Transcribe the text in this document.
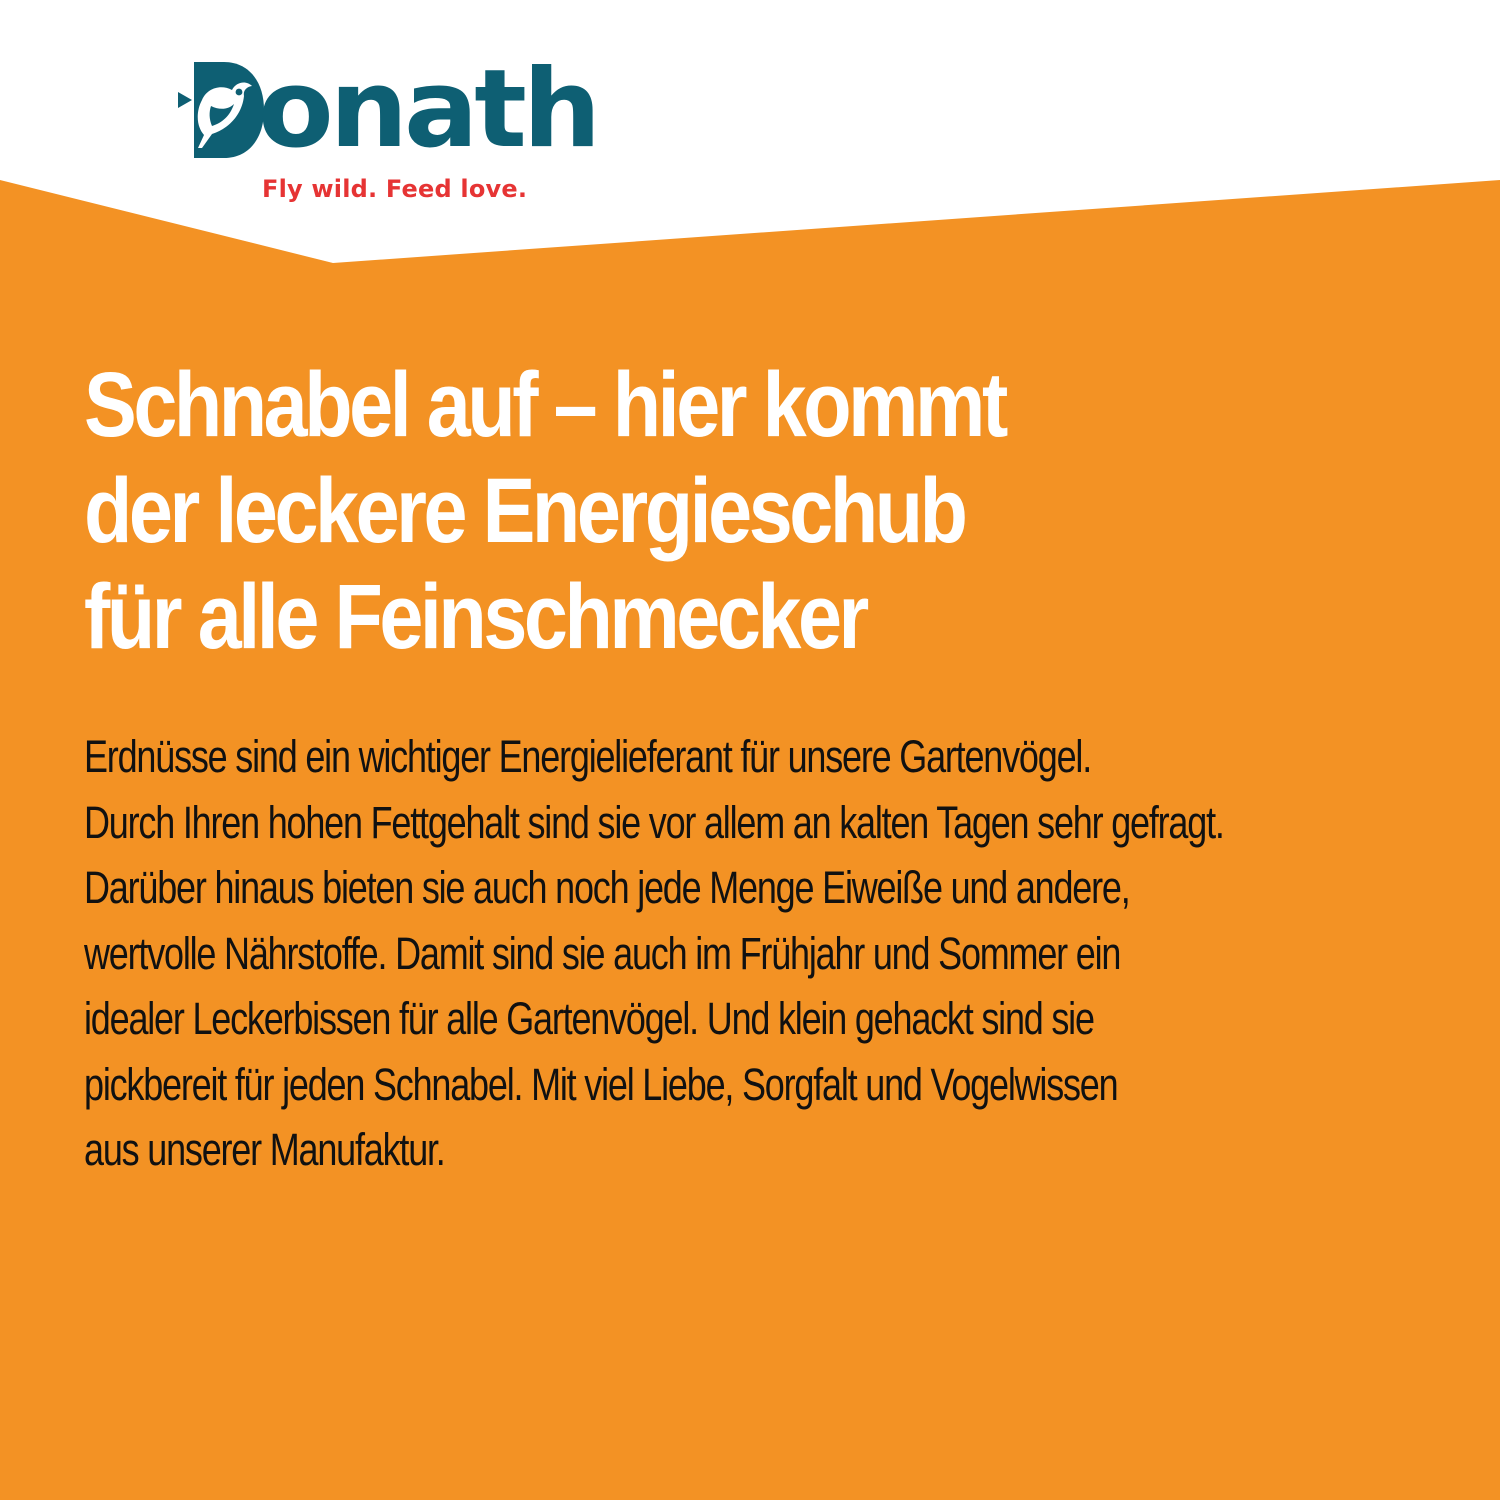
onath
Fly wild. Feed love.
Schnabel auf – hier kommt
der leckere Energieschub
für alle Feinschmecker

Erdnüsse sind ein wichtiger Energielieferant für unsere Gartenvögel.
Durch Ihren hohen Fettgehalt sind sie vor allem an kalten Tagen sehr gefragt.
Darüber hinaus bieten sie auch noch jede Menge Eiweiße und andere,
wertvolle Nährstoffe. Damit sind sie auch im Frühjahr und Sommer ein
idealer Leckerbissen für alle Gartenvögel. Und klein gehackt sind sie
pickbereit für jeden Schnabel. Mit viel Liebe, Sorgfalt und Vogelwissen
aus unserer Manufaktur.
